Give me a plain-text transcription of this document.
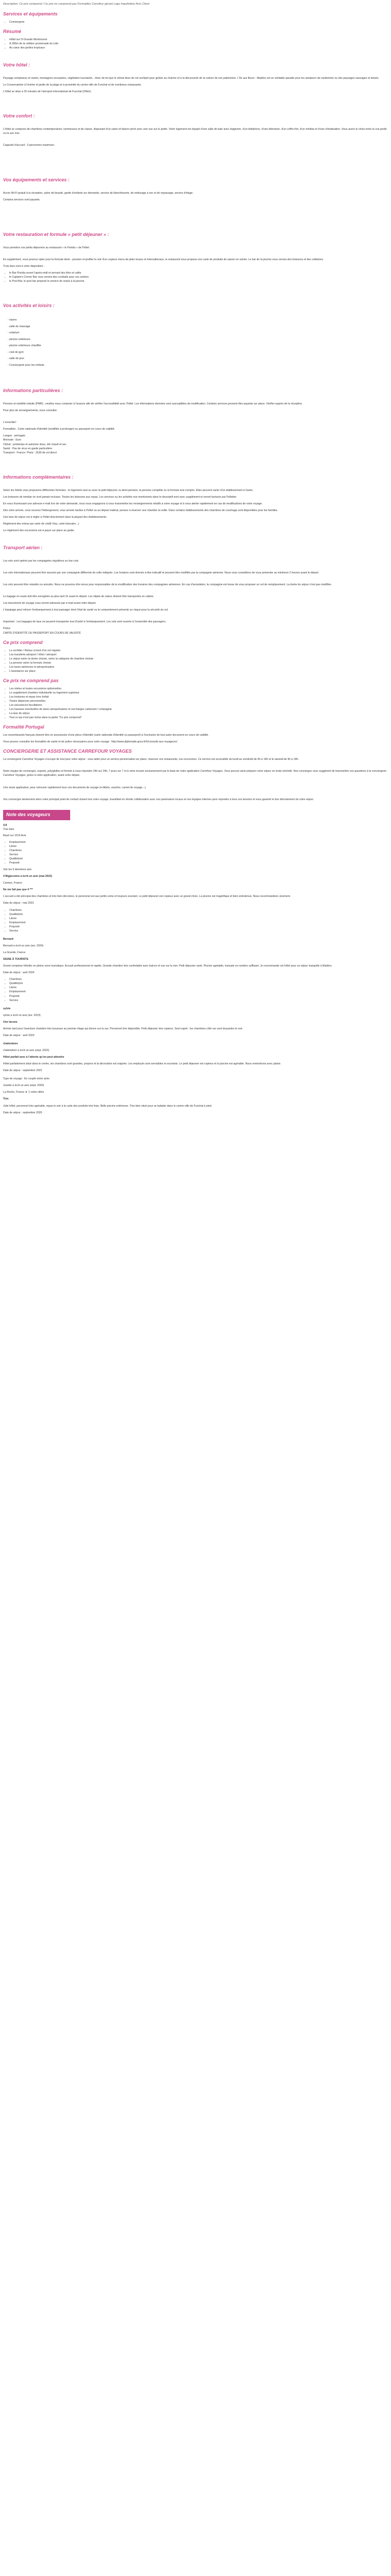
Description: Ce prix comprend / Ce prix ne comprend pas Formalités Carrefour gérant Logo Inquilisition Avis Client

Services et équipements
• Conciergerie
Résumé
• Hôtel sur l'il Grande Montmorret
• À 300m de la célèbre promenade du Lido
• Au cœur des jardins tropicaux
Votre hôtel :

Paysage somptueux et variés, montagnes escarpées, végétation luxuriante... Avec de tel que le climat doux de cet archipel pour goûter au charme et à la découverte de la culture de son patrimoine. L'île aux fleurs - Madère est un véritable paradis pour les amateurs de randonnée ou des paysages sauvages et boisés.

Le Conservatoire à l'entrée et jardin de la plage et à proximité du centre-ville de Funchal et de nombreux restaurants.

L'hôtel se situe à 25 minutes de l'aéroport international de Funchal (20km).

Votre confort :

L'hôtel se compose de chambres contemporaines, lumineuses et de classe, disposant d'un salon et balcon privé avec une vue sur le jardin. Votre logement est équipé d'une salle de bain avec baignoire, d'un téléphone, d'une télévision, d'un coffre-fort, d'un minibar et d'une climatisation. Vous aurez le choix entre la vue jardin ou la vue mer.

Capacité d'accueil : 3 personnes maximum.

Vos équipements et services :

Accès Wi-Fi gratuit à la réception, salon de beauté, garde d'enfants sur demande, service de blanchisserie, de nettoyage à sec et de repassage, service d'étage.

Certains services sont payants.

Votre restauration et formule « petit déjeuner » :

Vous prendrez vos petits déjeuners au restaurant « le Florida » de l'hôtel.

En supplément, vous pourrez opter pour la formule demi - pension et profiter le soir d'un copieux menu de plats locaux et internationaux, le restaurant vous propose une carte de produits de saison en soirée. Le bar de la piscine vous servira des boissons et des collations.

Trois bars sont à votre disposition :

• le Bar Florida ouvert l'après-midi et servant des thés et cafés
• le Captain's Corner Bar vous servira des cocktails pour vos soirées
• le Pool Bar, le pool bar proposé le service de snack à la piscine
Vos activités et loisirs :
- sauna
- salle de massage
- solarium
- piscine extérieure
- piscine extérieure chauffée
- club de gym
- salle de jeux
- Conciergerie pour les enfants
Informations particulières :

Pension et mobilité réduite (PMR) : veuillez nous contacter à l'avance afin de vérifier l'accessibilité avec l'hôtel. Les informations données sont susceptibles de modification. Certains services peuvent être payants sur place. Vérifier auprès de la réception.

Pour plus de renseignements, nous consulter.

L'essentiel :

Formalités : Carte nationale d'identité (modifiée à prolonger) ou passeport en cours de validité.

Langue : portugais
Monnaie : Euro
Climat : printemps et automne doux, été chaud et sec
Santé : Pas de virus en garde particulière
Transport : France / Paris : 2h30 de vol direct

Informations complémentaires :

Selon les hôtels vous proposons différentes formules : le logement seul ou avec le petit déjeuner, la demi-pension, la pension complète ou la formule tout compris. Elles peuvent varier d'un établissement à l'autre.

Les boissons de minibar ne sont jamais incluses. Toutes les boissons aux repas. Les services ou les activités non mentionnés dans le descriptif sont avec supplément et seront facturés par l'hôtelier.

En nous fournissant une adresse e-mail lors de votre demande, nous nous engageons à vous transmettre les renseignements relatifs à votre voyage et à vous alerter rapidement en cas de modifications de votre voyage.

Dès votre arrivée, vous recevez l'hébergement, vous arrivée tardive à l'hôtel ou au départ matinal, pensez à réserver une chambre la veille. Dans certains établissements des chambres de couchage sont disponibles pour les familles.

Une taxe de séjour est à régler à l'hôtel directement dans la plupart des établissements.

Règlement des extras par carte de crédit Visa, carte bancaire...)

Le règlement des excursions est à payer sur place au guide.

Transport aérien :

Les vols sont opérés par les compagnies régulières ou low cost.

Les vols internationaux peuvent être assurés par une compagnie différente de celle indiquée. Les horaires sont donnés à titre indicatif et peuvent être modifiés par la compagnie aérienne. Nous vous conseillons de vous présenter au minimum 2 heures avant le départ.

Les vols peuvent être retardés ou annulés. Nous ne pouvons être tenus pour responsables de la modification des horaires des compagnies aériennes. En cas d'annulation, la compagnie est tenue de vous proposer un vol de remplacement. La durée du séjour n'est pas modifiée.

Le bagage en soute doit être enregistré au plus tard 1h avant le départ. Les objets de valeur doivent être transportés en cabine.

Les documents de voyage vous seront adressés par e-mail avant votre départ.

L'équipage peut refuser l'embarquement à tout passager dont l'état de santé ou le comportement présente un risque pour la sécurité du vol.

Important : Les bagages de taux ne peuvent transporter tout d'unité à l'embarquement. Les vols sont ouverts à l'ensemble des passagers.

Police
CARTE D'IDENTITÉ OU PASSEPORT EN COURS DE VALIDITÉ

Ce prix comprend
• Le vol Aller / Retour à bord d'un vol régulier
• Les transferts aéroport / hôtel / aéroport
• Le séjour selon la durée choisie, selon la catégorie de chambre choisie
• La pension selon la formule choisie
• Les taxes aériennes et aéroportuaires
• L'assistance sur place
Ce prix ne comprend pas
• Les visites et toutes excursions optionnelles
• Le supplément chambre individuelle ou logement supérieur
• Les boissons et repas hors forfait
• Toutes dépenses personnelles
• Les assurances facultatives
• Les hausses éventuelles de taxes aéroportuaires et surcharges carburant / compagnie
• La taxe de séjour
• Tout ce qui n'est pas inclus dans la partie "Ce prix comprend"
Formalité Portugal

Les ressortissants français doivent être en possession d'une pièce d'identité (carte nationale d'identité ou passeport) à l'exclusion de tout autre document en cours de validité.

Vous pouvez consulter les formalités de santé et de police nécessaires pour votre voyage : http://www.diplomatie.gouv.fr/fr/conseils-aux-voyageurs/

CONCIERGERIE ET ASSISTANCE CARREFOUR VOYAGES

La conciergerie Carrefour Voyages s'occupe de tout pour votre séjour : vous aider pour un service personnalisé sur place, réservez vos restaurants, vos excursions. Ce service est accessible du lundi au vendredi de 9h à 19h et le samedi de 9h à 18h.

Notre équipe de concierges, experts, polyglottes et formés à vous répondre 24h sur 24h, 7 jours sur 7 et à votre écoute exclusivement par le biais de notre application Carrefour Voyages. Vous pouvez ainsi préparer votre séjour en toute sérénité. Nos concierges vous suggèrent de transmettre vos questions à la conciergerie Carrefour Voyages, grâce à notre application, avant votre départ.

Une seule application, pour retrouver rapidement tous vos documents de voyage (e-billets, vaucher, carnet de voyage...).

Vos concierges deviennent alors votre principal point de contact durant tout votre voyage, travaillant en étroite collaboration avec nos partenaires locaux et nos équipes internes pour répondre à tous vos besoins et vous garantir le bon déroulement de votre séjour.

Note des voyageurs

4,8

Très bien

Basé sur 1516 Avis

• Emplacement
• Literie
• Chambres
• Service
• Qualité/prix
• Propreté

Voir les 5 dernières avis

4 Bigjecsimo a écrit un avis (mai 2023)

Cannes, France

Ne me fait pas que 4 ***

L'accueil a été principal des chambres et très bien décorées, le personnel est aux petits soins et toujours souriant. Le petit déjeuner est copieux avec un grand choix. La piscine est magnifique et bien entretenue. Nous recommandons vivement.

Date de séjour : mai 2023

• Chambres
• Qualité/prix
• Literie
• Emplacement
• Propreté
• Service

Bernard

Bernard a écrit un avis (avr. 2024)

La Grande, France

SIGNE À TOURISTE

Grand complexe hôtelier en pleine zone touristique. Accueil professionnel et rapide. Grande chambre très confortable avec balcon et vue sur la mer. Petit déjeuner varié. Piscine agréable, transats en nombre suffisant. Je recommande cet hôtel pour un séjour tranquille à Madère.

Date de séjour : avril 2024

• Chambres
• Qualité/prix
• Literie
• Emplacement
• Propreté
• Service

sylvie

sylvie a écrit un avis (avr. 2023)

Une lacune

Arrivés tard pour l'aventure chambre très luxueuse au premier étage qui donne sur la rue. Personnel très disponible. Petit déjeuner très copieux. Seul regret : les chambres côté rue sont bruyantes le soir.

Date de séjour : avril 2023

chalendeen

chalendeen a écrit un avis (sept. 2022)

Hôtel parfait avec à l'attente qu'on peut attendre

Hôtel parfaitement situé dans le centre, les chambres sont grandes, propres et la décoration est soignée. Les employés sont serviables et souriants. Le petit déjeuner est copieux et la piscine est agréable. Nous reviendrons avec plaisir.

Date de séjour : septembre 2022

Type de voyage : En couple entre amis

Josette a écrit un avis (sept. 2020)

La Roche, France ★ 1 votes utiles

Très

Jolie hôtel, personnel très agréable, repas le soir à la carte des produits très frais. Belle piscine extérieure. Très bien situé pour se balader dans le centre-ville de Funchal à pied.

Date de séjour : septembre 2020
